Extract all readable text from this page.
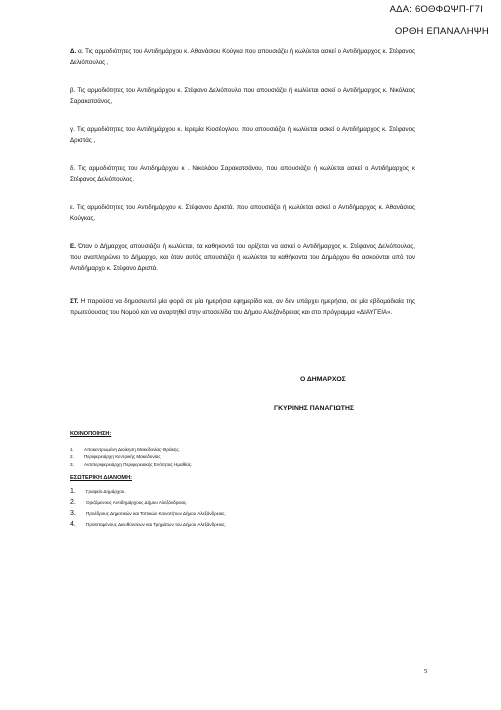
ΑΔΑ: 6ΟΘΦΩΨΠ-Γ7Ι
ΟΡΘΗ ΕΠΑΝΑΛΗΨΗ
Δ. α. Τις αρμοδιότητες του Αντιδημάρχου κ. Αθανάσιου Κούγκα που απουσιάζει ή κωλύεται ασκεί ο Αντιδήμαρχος κ. Στέφανος Δελιόπουλος ,
β. Τις αρμοδιότητες του Αντιδημάρχου κ. Στέφανο Δελιόπουλο που απουσιάζει ή κωλύεται ασκεί ο Αντιδήμαρχος κ. Νικόλαος Σαρακατσάνος,
γ. Τις αρμοδιότητες του Αντιδημάρχου κ. Ιερεμία Κιοσέογλου. που απουσιάζει ή κωλύεται ασκεί ο Αντιδήμαρχος κ. Στέφανος Δριστάς ,
δ. Τις αρμοδιότητες του Αντιδημάρχου κ . Νικολάου Σαρακατσάνου, που απουσιάζει ή κωλύεται ασκεί ο Αντιδήμαρχος κ Στέφανος Δελιόπουλος.
ε. Τις αρμοδιότητες του Αντιδημάρχου κ. Στέφανου Δριστά. που απουσιάζει ή κωλύεται ασκεί ο Αντιδήμαρχος κ. Αθανάσιος Κούγκας.
Ε. Όταν ο Δήμαρχος απουσιάζει ή κωλύεται, τα καθηκοντά του ορίζεται να ασκεί ο Αντιδήμαρχος κ. Στέφανος Δελιόπουλος, που αναπληρώνει το Δήμαρχο, και όταν αυτός απουσιάζει ή κωλύεται τα καθήκοντα του Δημάρχου θα ασκούνται από τον Αντιδήμαρχο κ. Στέφανο Δριστά.
ΣΤ. Η παρούσα να δημοσιευτεί μία φορά σε μία ημερήσια εφημερίδα και, αν δεν υπάρχει ημερήσια, σε μία εβδομαδιαία της πρωτεύουσας του Νομού και να αναρτηθεί στην ιστοσελίδα του Δήμου Αλεξάνδρειας και στο πρόγραμμα «ΔΙΑΥΓΕΙΑ».
Ο ΔΗΜΑΡΧΟΣ
ΓΚΥΡΙΝΗΣ ΠΑΝΑΓΙΩΤΗΣ
ΚΟΙΝΟΠΟΙΗΣΗ:
1. Αποκεντρωμένη Διοίκηση Μακεδονίας-Θράκης.
2. Περιφερειάρχη Κεντρικής Μακεδονίας
3. Αντιπεριφερειάρχη Περιφερειακής Ενότητας Ημαθίας.
ΕΣΩΤΕΡΙΚΗ ΔΙΑΝΟΜΗ:
1. Γραφείο Δημάρχου.
2. Οριζόμενους Αντιδημάρχους Δήμου Αλεξάνδρειας.
3. Προέδρους Δημοτικών και Τοπικών Κοινοτήτων Δήμου Αλεξάνδρειας.
4. Προϊσταμένους Διευθύνσεων και Τμημάτων του Δήμου Αλεξάνδρειας.
5
